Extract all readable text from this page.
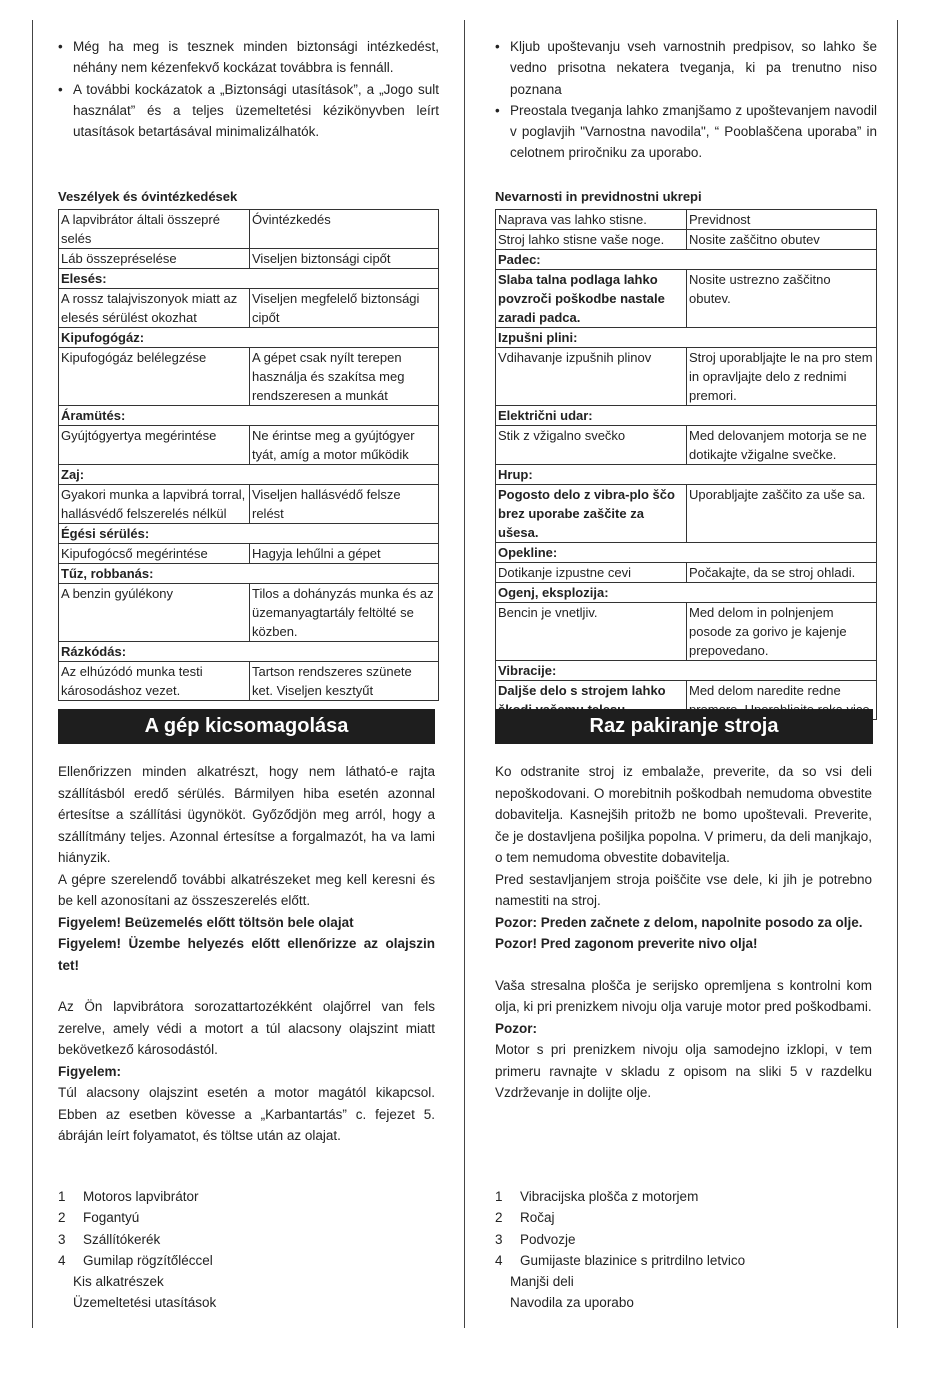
• Még ha meg is tesznek minden biztonsági intézkedést, néhány nem kézenfekvő kockázat továbbra is fennáll.
• A további kockázatok a „Biztonsági utasítások”, a „Jogo sult használat” és a teljes üzemeltetési kézikönyvben leírt utasítások betartásával minimalizálhatók.
Veszélyek és óvintézkedések
A lapvibrátor általi összepré selés	Óvintézkedés
Láb összepréselése	Viseljen biztonsági cipőt
Elesés:	
A rossz talajviszonyok miatt az elesés sérülést okozhat	Viseljen megfelelő biztonsági cipőt
Kipufogógáz:	
Kipufogógáz belélegzése	A gépet csak nyílt terepen használja és szakítsa meg rendszeresen a munkát
Áramütés:	
Gyújtógyertya megérintése	Ne érintse meg a gyújtógyer tyát, amíg a motor működik
Zaj:	
Gyakori munka a lapvibrá torral, hallásvédő felszerelés nélkül	Viseljen hallásvédő felsze relést
Égési sérülés:	
Kipufogócső megérintése	Hagyja lehűlni a gépet
Tűz, robbanás:	
A benzin gyúlékony	Tilos a dohányzás munka és az üzemanyagtartály feltölté se közben.
Rázkódás:	
Az elhúzódó munka testi károsodáshoz vezet.	Tartson rendszeres szünete ket. Viseljen kesztyűt
A gép kicsomagolása

Ellenőrizzen minden alkatrészt, hogy nem látható-e rajta szállításból eredő sérülés. Bármilyen hiba esetén azonnal értesítse a szállítási ügynököt. Győződjön meg arról, hogy a szállítmány teljes. Azonnal értesítse a forgalmazót, ha va lami hiányzik.

A gépre szerelendő további alkatrészeket meg kell keresni és be kell azonosítani az összeszerelés előtt.

Figyelem! Beüzemelés előtt töltsön bele olajat

Figyelem! Üzembe helyezés előtt ellenőrizze az olajszin tet!

Az Ön lapvibrátora sorozattartozékként olajőrrel van fels zerelve, amely védi a motort a túl alacsony olajszint miatt bekövetkező károsodástól.

Figyelem:

Túl alacsony olajszint esetén a motor magától kikapcsol. Ebben az esetben kövesse a „Karbantartás” c. fejezet 5. ábráján leírt folyamatot, és töltse után az olajat.

1 Motoros lapvibrátor
2 Fogantyú
3 Szállítókerék
4 Gumilap rögzítőléccel
Kis alkatrészek
Üzemeltetési utasítások
• Kljub upoštevanju vseh varnostnih predpisov, so lahko še vedno prisotna nekatera tveganja, ki pa trenutno niso poznana
• Preostala tveganja lahko zmanjšamo z upoštevanjem navodil v poglavjih "Varnostna navodila", “ Pooblaščena uporaba” in celotnem priročniku za uporabo.
Nevarnosti in previdnostni ukrepi
Naprava vas lahko stisne.	Previdnost
Stroj lahko stisne vaše noge.	Nosite zaščitno obutev
Padec:	
Slaba talna podlaga lahko povzroči poškodbe nastale zaradi padca.	Nosite ustrezno zaščitno obutev.
Izpušni plini:	
Vdihavanje izpušnih plinov	Stroj uporabljajte le na pro stem in opravljajte delo z rednimi premori.
Električni udar:	
Stik z vžigalno svečko	Med delovanjem motorja se ne dotikajte vžigalne svečke.
Hrup:	
Pogosto delo z vibra-plo ščo brez uporabe zaščite za ušesa.	Uporabljajte zaščito za uše sa.
Opekline:	
Dotikanje izpustne cevi	Počakajte, da se stroj ohladi.
Ogenj, eksplozija:	
Bencin je vnetljiv.	Med delom in polnjenjem posode za gorivo je kajenje prepovedano.
Vibracije:	
Daljše delo s strojem lahko	Med delom naredite redne
Raz pakiranje stroja

Ko odstranite stroj iz embalaže, preverite, da so vsi deli nepoškodovani. O morebitnih poškodbah nemudoma obvestite dobavitelja. Kasnejših pritožb ne bomo upoštevali. Preverite, če je dostavljena pošiljka popolna. V primeru, da deli manjkajo, o tem nemudoma obvestite dobavitelja.

Pred sestavljanjem stroja poiščite vse dele, ki jih je potrebno namestiti na stroj.

Pozor: Preden začnete z delom, napolnite posodo za olje.

Pozor! Pred zagonom preverite nivo olja!

Vaša stresalna plošča je serijsko opremljena s kontrolni kom olja, ki pri prenizkem nivoju olja varuje motor pred poškodbami.

Pozor:

Motor s pri prenizkem nivoju olja samodejno izklopi, v tem primeru ravnajte v skladu z opisom na sliki 5 v razdelku Vzdrževanje in dolijte olje.

1 Vibracijska plošča z motorjem
2 Ročaj
3 Podvozje
4 Gumijaste blazinice s pritrdilno letvico
Manjši deli
Navodila za uporabo
